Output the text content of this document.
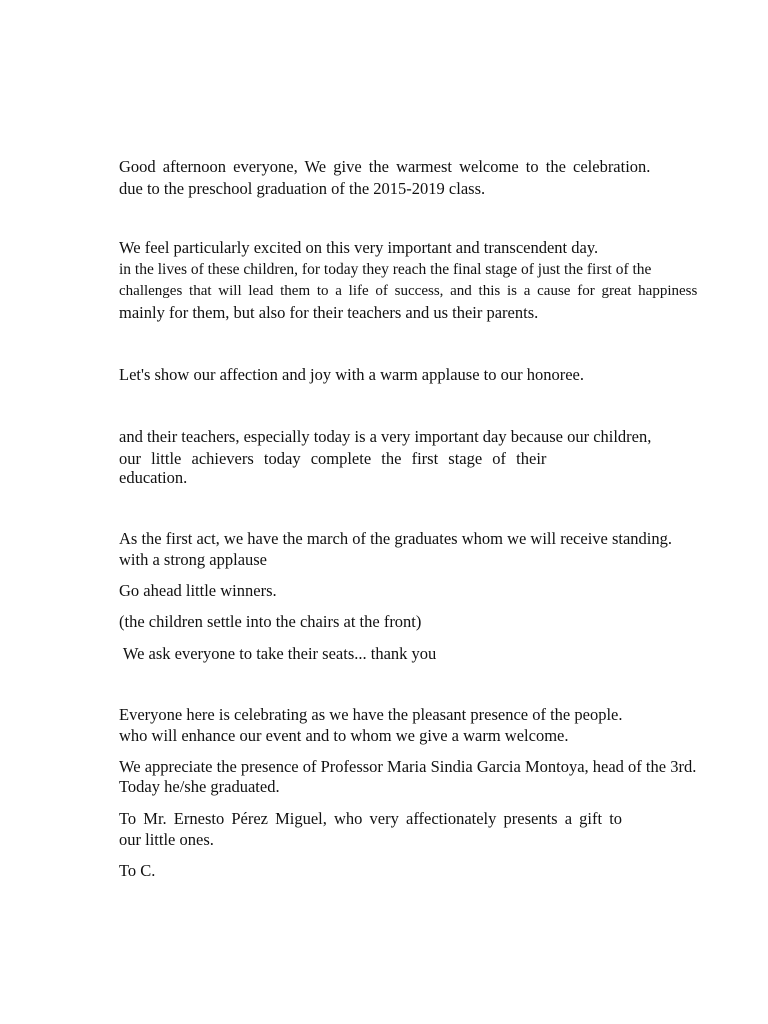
Good afternoon everyone, We give the warmest welcome to the celebration.
due to the preschool graduation of the 2015-2019 class.
We feel particularly excited on this very important and transcendent day.
in the lives of these children, for today they reach the final stage of just the first of the
challenges that will lead them to a life of success, and this is a cause for great happiness
mainly for them, but also for their teachers and us their parents.
Let's show our affection and joy with a warm applause to our honoree.
and their teachers, especially today is a very important day because our children,
our little achievers today complete the first stage of their
education.
As the first act, we have the march of the graduates whom we will receive standing.
with a strong applause
Go ahead little winners.
(the children settle into the chairs at the front)
We ask everyone to take their seats... thank you
Everyone here is celebrating as we have the pleasant presence of the people.
who will enhance our event and to whom we give a warm welcome.
We appreciate the presence of Professor Maria Sindia Garcia Montoya, head of the 3rd.
Today he/she graduated.
To Mr. Ernesto Pérez Miguel, who very affectionately presents a gift to
our little ones.
To C.
